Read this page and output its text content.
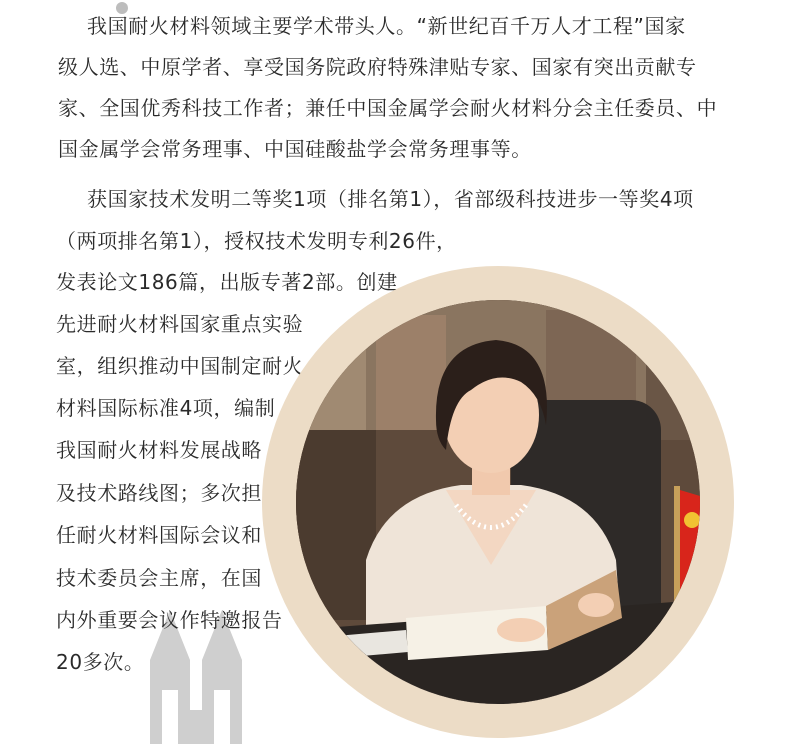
我国耐火材料领域主要学术带头人。“新世纪百千万人才工程”国家
级人选、中原学者、享受国务院政府特殊津贴专家、国家有突出贡献专
家、全国优秀科技工作者；兼任中国金属学会耐火材料分会主任委员、中
国金属学会常务理事、中国硅酸盐学会常务理事等。
获国家技术发明二等奖1项（排名第1），省部级科技进步一等奖4项
（两项排名第1），授权技术发明专利26件，
发表论文186篇，出版专著2部。创建
先进耐火材料国家重点实验
室，组织推动中国制定耐火
材料国际标准4项，编制
我国耐火材料发展战略
及技术路线图；多次担
任耐火材料国际会议和
技术委员会主席，在国
内外重要会议作特邀报告
20多次。
